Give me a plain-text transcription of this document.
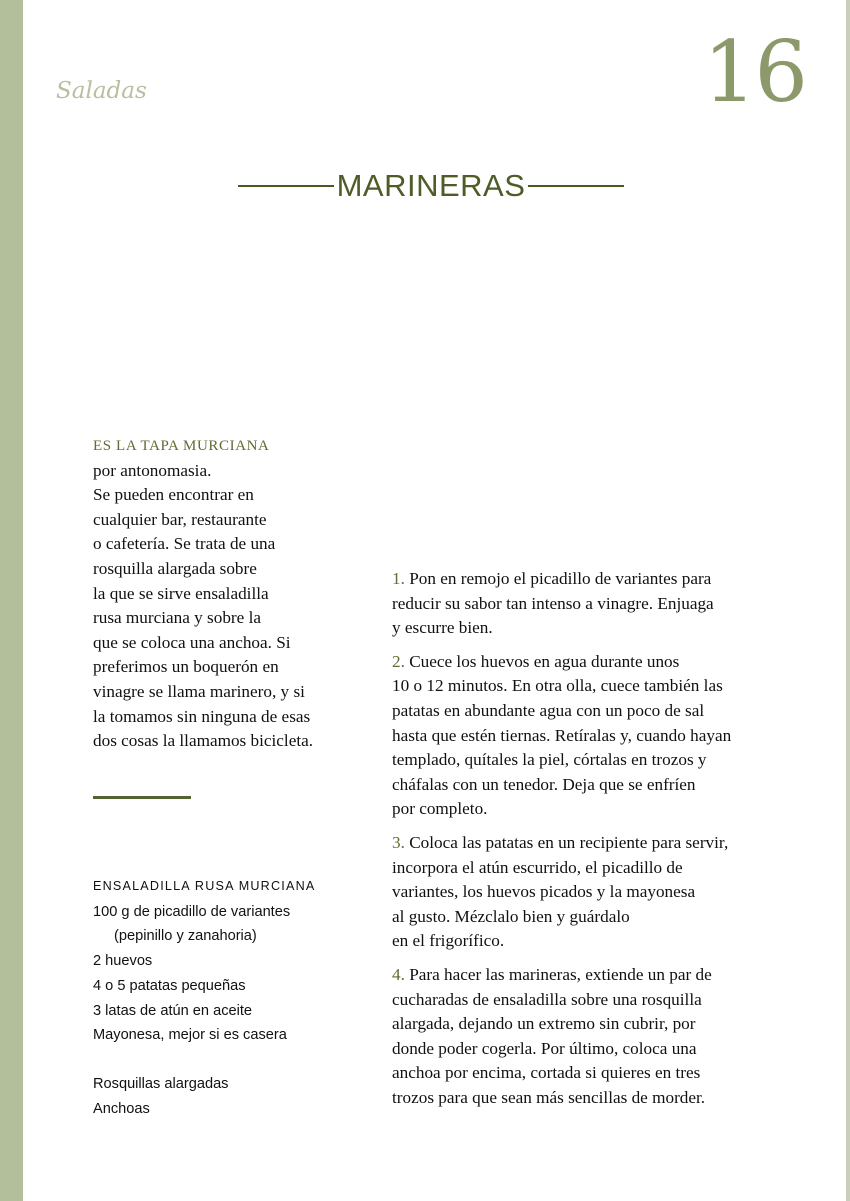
Saladas	16
MARINERAS
ES LA TAPA MURCIANA
por antonomasia.
Se pueden encontrar en
cualquier bar, restaurante
o cafetería. Se trata de una
rosquilla alargada sobre
la que se sirve ensaladilla
rusa murciana y sobre la
que se coloca una anchoa. Si
preferimos un boquerón en
vinagre se llama marinero, y si
la tomamos sin ninguna de esas
dos cosas la llamamos bicicleta.
ENSALADILLA RUSA MURCIANA
100 g de picadillo de variantes
(pepinillo y zanahoria)
2 huevos
4 o 5 patatas pequeñas
3 latas de atún en aceite
Mayonesa, mejor si es casera
Rosquillas alargadas
Anchoas
1. Pon en remojo el picadillo de variantes para
reducir su sabor tan intenso a vinagre. Enjuaga
y escurre bien.
2. Cuece los huevos en agua durante unos
10 o 12 minutos. En otra olla, cuece también las
patatas en abundante agua con un poco de sal
hasta que estén tiernas. Retíralas y, cuando hayan
templado, quítales la piel, córtalas en trozos y
cháfalas con un tenedor. Deja que se enfríen
por completo.
3. Coloca las patatas en un recipiente para servir,
incorpora el atún escurrido, el picadillo de
variantes, los huevos picados y la mayonesa
al gusto. Mézclalo bien y guárdalo
en el frigorífico.
4. Para hacer las marineras, extiende un par de
cucharadas de ensaladilla sobre una rosquilla
alargada, dejando un extremo sin cubrir, por
donde poder cogerla. Por último, coloca una
anchoa por encima, cortada si quieres en tres
trozos para que sean más sencillas de morder.
